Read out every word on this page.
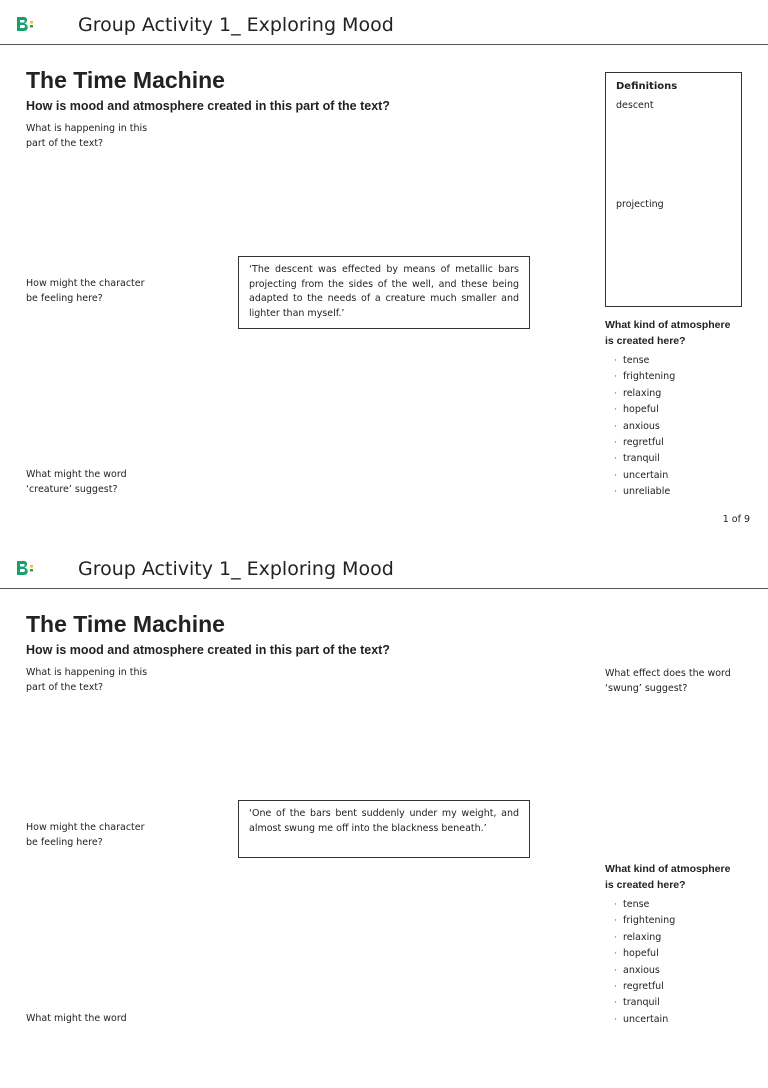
Group Activity 1_ Exploring Mood
The Time Machine
How is mood and atmosphere created in this part of the text?
What is happening in this
part of the text?
How might the character
be feeling here?
What might the word
‘creature’ suggest?
‘The descent was effected by means of metallic bars projecting from the sides of the well, and these being adapted to the needs of a creature much smaller and lighter than myself.’
Definitions
descent
projecting

What kind of atmosphere
is created here?

· tense
· frightening
· relaxing
· hopeful
· anxious
· regretful
· tranquil
· uncertain
· unreliable
1 of 9
Group Activity 1_ Exploring Mood
The Time Machine
How is mood and atmosphere created in this part of the text?
What is happening in this
part of the text?
How might the character
be feeling here?
What might the word
What effect does the word
‘swung’ suggest?
‘One of the bars bent suddenly under my weight, and almost swung me off into the blackness beneath.’

What kind of atmosphere
is created here?

· tense
· frightening
· relaxing
· hopeful
· anxious
· regretful
· tranquil
· uncertain
